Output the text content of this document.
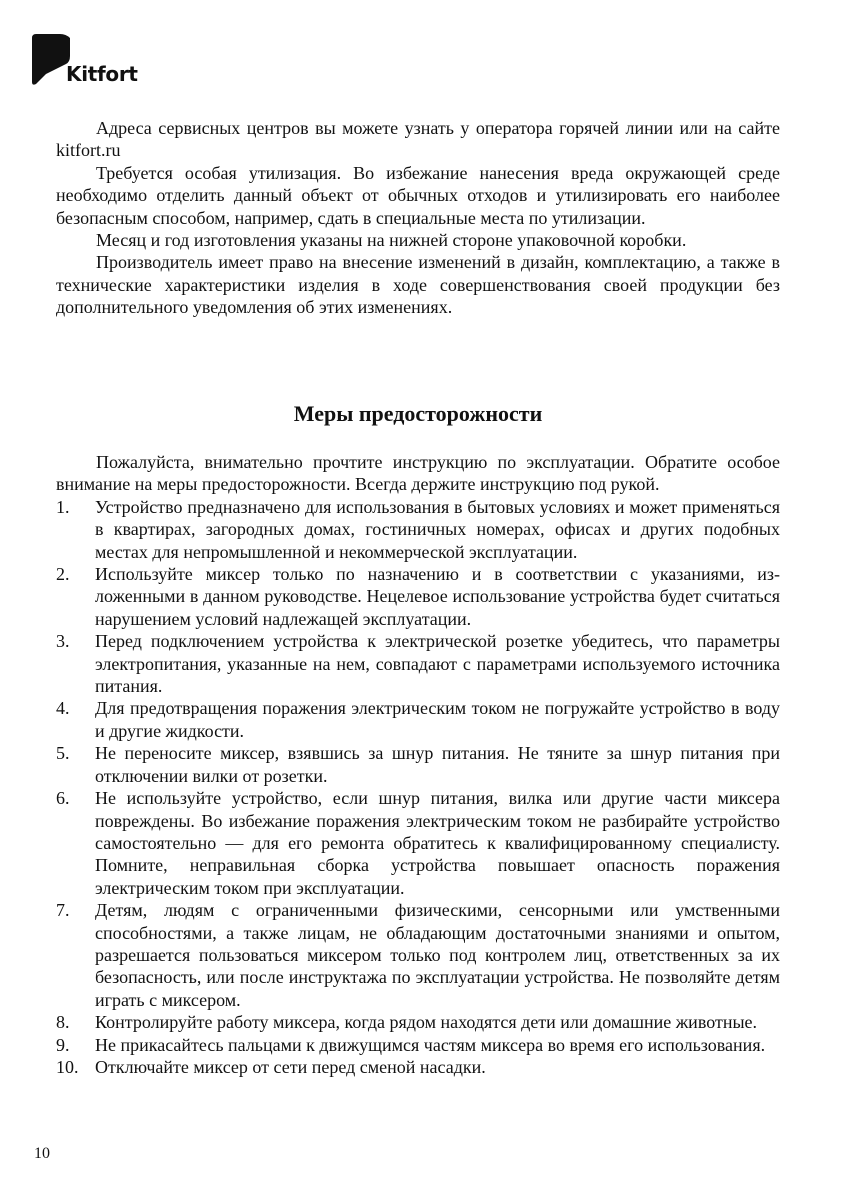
Kitfort

Адреса сервисных центров вы можете узнать у оператора горячей линии или на сайте kitfort.ru

Требуется особая утилизация. Во избежание нанесения вреда окружающей среде необходимо отделить данный объект от обычных отходов и утилизировать его наиболее безопасным способом, например, сдать в специальные места по утилизации.

Месяц и год изготовления указаны на нижней стороне упаковочной коробки.

Производитель имеет право на внесение изменений в дизайн, комплектацию, а также в технические характеристики изделия в ходе совершенствования своей продукции без дополнительного уведомления об этих изменениях.

Меры предосторожности

Пожалуйста, внимательно прочтите инструкцию по эксплуатации. Обратите особое внимание на меры предосторожности. Всегда держите инструкцию под рукой.

1.	Устройство предназначено для использования в бытовых условиях и может применяться в квартирах, загородных домах, гостиничных номерах, офисах и других подобных местах для непромышленной и некоммерческой эксплуатации.
2.	Используйте миксер только по назначению и в соответствии с указаниями, изложенными в данном руководстве. Нецелевое использование устройства будет считаться нарушением условий надлежащей эксплуатации.
3.	Перед подключением устройства к электрической розетке убедитесь, что параметры электропитания, указанные на нем, совпадают с параметрами используемого источника питания.
4.	Для предотвращения поражения электрическим током не погружайте устройство в воду и другие жидкости.
5.	Не переносите миксер, взявшись за шнур питания. Не тяните за шнур питания при отключении вилки от розетки.
6.	Не используйте устройство, если шнур питания, вилка или другие части миксера повреждены. Во избежание поражения электрическим током не разбирайте устройство самостоятельно — для его ремонта обратитесь к квалифицированному специалисту. Помните, неправильная сборка устройства повышает опасность поражения электрическим током при эксплуатации.
7.	Детям, людям с ограниченными физическими, сенсорными или умственными способностями, а также лицам, не обладающим достаточными знаниями и опытом, разрешается пользоваться миксером только под контролем лиц, ответственных за их безопасность, или после инструктажа по эксплуатации устройства. Не позволяйте детям играть с миксером.
8.	Контролируйте работу миксера, когда рядом находятся дети или домашние животные.
9.	Не прикасайтесь пальцами к движущимся частям миксера во время его использования.
10. Отключайте миксер от сети перед сменой насадки.
10
